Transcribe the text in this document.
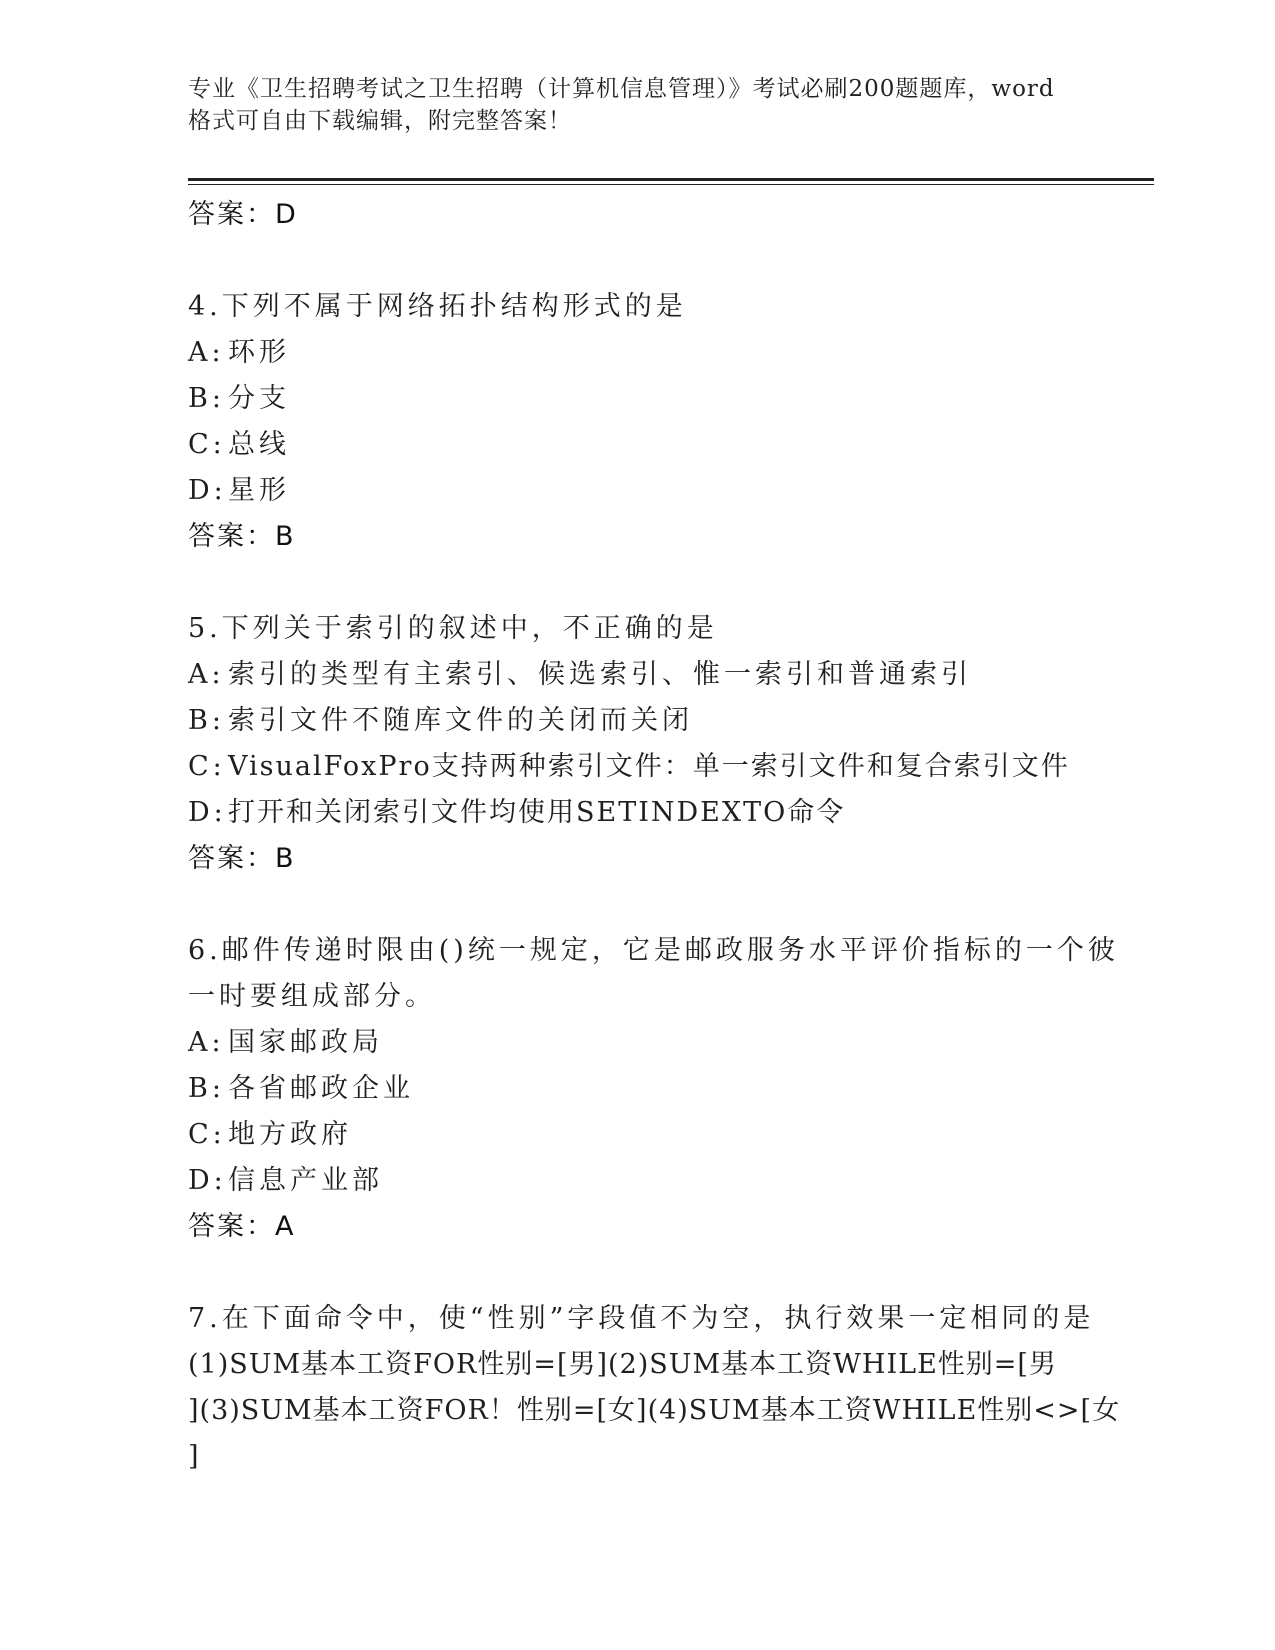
专业《卫生招聘考试之卫生招聘（计算机信息管理）》考试必刷200题题库，word
格式可自由下载编辑，附完整答案！

答案：D

4.下列不属于网络拓扑结构形式的是

A: 环形

B: 分支

C:总线

D:星形

答案：B

5.下列关于索引的叙述中，不正确的是

A: 索引的类型有主索引、候选索引、惟一索引和普通索引

B: 索引文件不随库文件的关闭而关闭

C:VisualFoxPro支持两种索引文件：单一索引文件和复合索引文件

D:打开和关闭索引文件均使用SETINDEXTO命令

答案：B

6.邮件传递时限由()统一规定，它是邮政服务水平评价指标的一个彼

一时要组成部分。

A: 国家邮政局

B: 各省邮政企业

C:地方政府

D:信息产业部

答案：A

7.在下面命令中，使“性别”字段值不为空，执行效果一定相同的是

(1)SUM基本工资FOR性别=[男](2)SUM基本工资WHILE性别=[男

](3)SUM基本工资FOR！性别=[女](4)SUM基本工资WHILE性别<>[女

]
